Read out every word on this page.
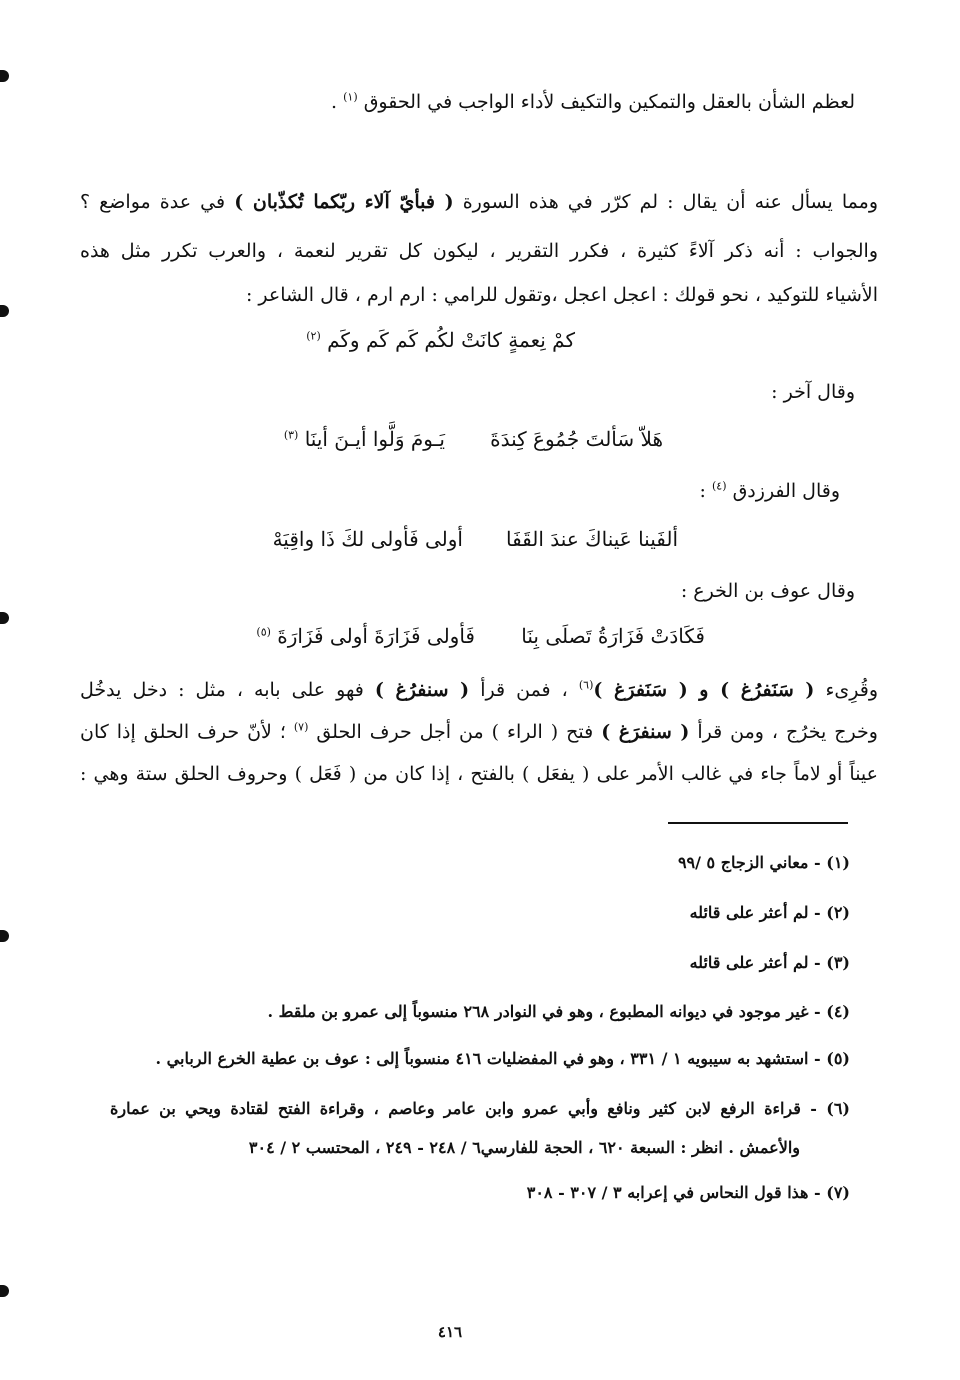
لعظم الشأن بالعقل والتمكين والتكيف لأداء الواجب في الحقوق $^{(١)}$ .
ومما يسأل عنه أن يقال : لم كرّر في هذه السورة ( فبأيّ آلاء ربّكما تُكذّبان ) في عدة مواضع ؟
والجواب : أنه ذكر آلاءً كثيرة ، فكرر التقرير ، ليكون كل تقرير لنعمة ، والعرب تكرر مثل هذه
الأشياء للتوكيد ، نحو قولك : اعجل اعجل ،وتقول للرامي : ارم ارم ، قال الشاعر :
كمْ نِعمةٍ كانَتْ لكُم كَم كَم وكَم $^{(٢)}$
وقال آخر :
هَلاّ سَألتَ جُمُوعَ كِندَةَ
يَـومَ وَلَّوا أيـنَ أينَا $^{(٣)}$
وقال الفرزدق $^{(٤)}$ :
ألفَينا عَيناكَ عندَ القَفَا
أولى فَأولى لكَ ذَا واقِيَهْ
وقال عوف بن الخرع :
فَكَادَتْ فَزَارَةُ تَصلَى بِنَا
فَأولى فَزَارَةَ أولى فَزَارَةَ $^{(٥)}$
وقُرِىء ( سَنَفرُغ ) و ( سَنَفرَغ )$^{(٦)}$ ، فمن قرأ ( سنفرُغ ) فهو على بابه ، مثل : دخل يدخُل
وخرج يخرُج ، ومن قرأ ( سنفرَغ ) فتح ( الراء ) من أجل حرف الحلق $^{(٧)}$ ؛ لأنّ حرف الحلق إذا كان
عيناً أو لاماً جاء في غالب الأمر على ( يفعَل ) بالفتح ، إذا كان من ( فَعَل ) وحروف الحلق ستة وهي :
(١) - معاني الزجاج ٥ /٩٩
(٢) - لم أعثر على قائله
(٣) - لم أعثر على قائله
(٤) - غير موجود في ديوانه المطبوع ، وهو في النوادر ٢٦٨ منسوباً إلى عمرو بن ملقط .
(٥) - استشهد به سيبويه ١ / ٣٣١ ، وهو في المفضليات ٤١٦ منسوباً إلى : عوف بن عطية الخرع الربابي .
(٦) - قراءة الرفع لابن كثير ونافع وأبي عمرو وابن عامر وعاصم ، وقراءة الفتح لقتادة ويحي بن عمارة
والأعمش . انظر : السبعة ٦٢٠ ، الحجة للفارسي٦ / ٢٤٨ - ٢٤٩ ، المحتسب ٢ / ٣٠٤
(٧) - هذا قول النحاس في إعرابه ٣ / ٣٠٧ - ٣٠٨
٤١٦
